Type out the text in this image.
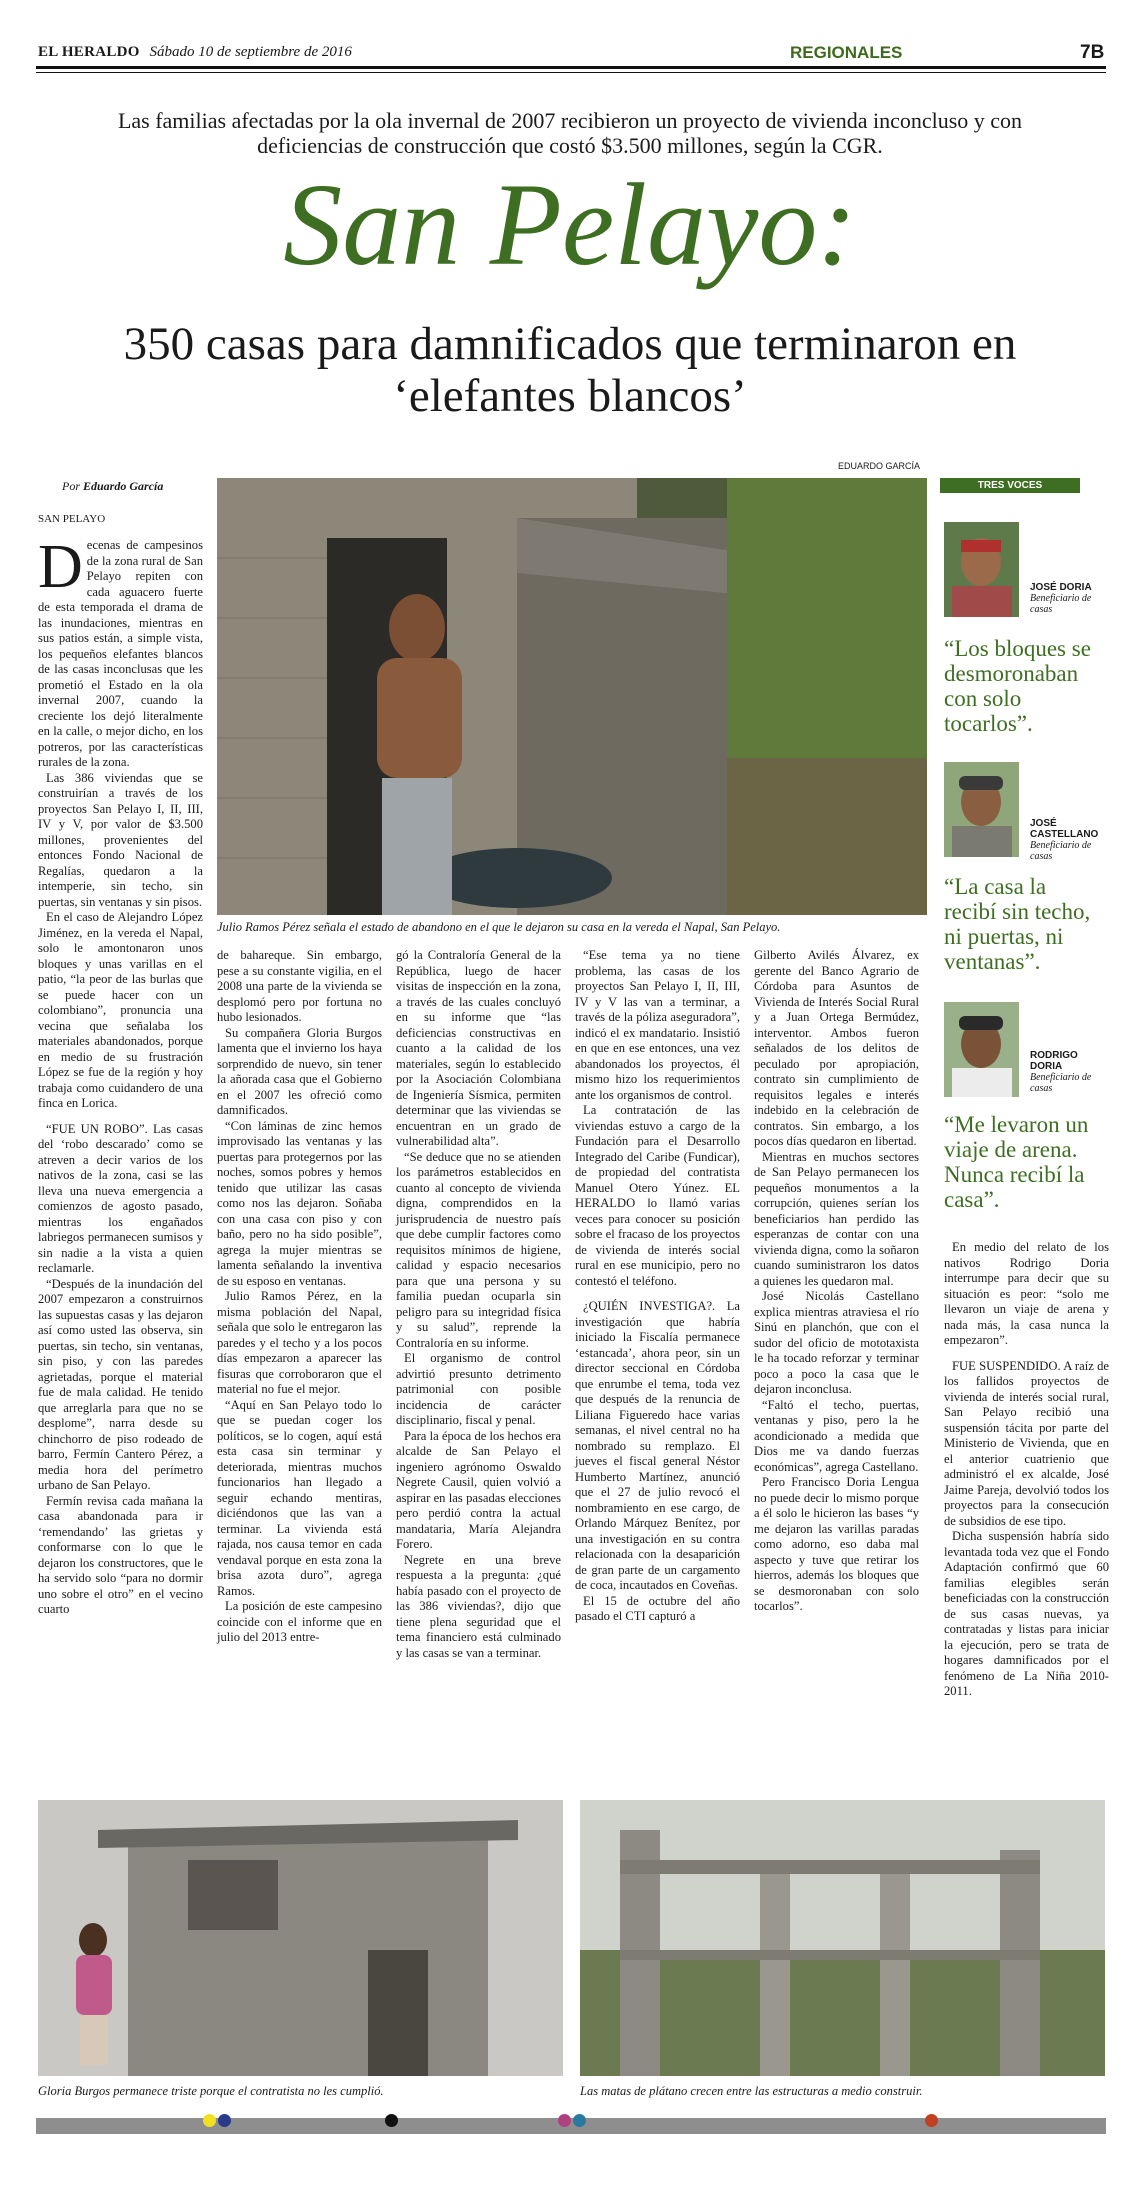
EL HERALDO Sábado 10 de septiembre de 2016	REGIONALES	7B
Las familias afectadas por la ola invernal de 2007 recibieron un proyecto de vivienda inconcluso y con deficiencias de construcción que costó $3.500 millones, según la CGR.
San Pelayo:
350 casas para damnificados que terminaron en ‘elefantes blancos’
EDUARDO GARCÍA
Por Eduardo García
SAN PELAYO
Julio Ramos Pérez señala el estado de abandono en el que le dejaron su casa en la vereda el Napal, San Pelayo.
D ecenas de campesinos de la zona rural de San Pelayo repiten con cada aguacero fuerte de esta temporada el drama de las inundaciones, mientras en sus patios están, a simple vista, los pequeños elefantes blancos de las casas inconclusas que les prometió el Estado en la ola invernal 2007, cuando la creciente los dejó literalmente en la calle, o mejor dicho, en los potreros, por las características rurales de la zona.

Las 386 viviendas que se construirían a través de los proyectos San Pelayo I, II, III, IV y V, por valor de $3.500 millones, provenientes del entonces Fondo Nacional de Regalías, quedaron a la intemperie, sin techo, sin puertas, sin ventanas y sin pisos.

En el caso de Alejandro López Jiménez, en la vereda el Napal, solo le amontonaron unos bloques y unas varillas en el patio, “la peor de las burlas que se puede hacer con un colombiano”, pronuncia una vecina que señalaba los materiales abandonados, porque en medio de su frustración López se fue de la región y hoy trabaja como cuidandero de una finca en Lorica.

“FUE UN ROBO”. Las casas del ‘robo descarado’ como se atreven a decir varios de los nativos de la zona, casi se las lleva una nueva emergencia a comienzos de agosto pasado, mientras los engañados labriegos permanecen sumisos y sin nadie a la vista a quien reclamarle.

“Después de la inundación del 2007 empezaron a construirnos las supuestas casas y las dejaron así como usted las observa, sin puertas, sin techo, sin ventanas, sin piso, y con las paredes agrietadas, porque el material fue de mala calidad. He tenido que arreglarla para que no se desplome”, narra desde su chinchorro de piso rodeado de barro, Fermín Cantero Pérez, a media hora del perímetro urbano de San Pelayo.

Fermín revisa cada mañana la casa abandonada para ir ‘remendando’ las grietas y conformarse con lo que le dejaron los constructores, que le ha servido solo “para no dormir uno sobre el otro” en el vecino cuarto

de bahareque. Sin embargo, pese a su constante vigilia, en el 2008 una parte de la vivienda se desplomó pero por fortuna no hubo lesionados.

Su compañera Gloria Burgos lamenta que el invierno los haya sorprendido de nuevo, sin tener la añorada casa que el Gobierno en el 2007 les ofreció como damnificados.

“Con láminas de zinc hemos improvisado las ventanas y las puertas para protegernos por las noches, somos pobres y hemos tenido que utilizar las casas como nos las dejaron. Soñaba con una casa con piso y con baño, pero no ha sido posible”, agrega la mujer mientras se lamenta señalando la inventiva de su esposo en ventanas.

Julio Ramos Pérez, en la misma población del Napal, señala que solo le entregaron las paredes y el techo y a los pocos días empezaron a aparecer las fisuras que corroboraron que el material no fue el mejor.

“Aquí en San Pelayo todo lo que se puedan coger los políticos, se lo cogen, aquí está esta casa sin terminar y deteriorada, mientras muchos funcionarios han llegado a seguir echando mentiras, diciéndonos que las van a terminar. La vivienda está rajada, nos causa temor en cada vendaval porque en esta zona la brisa azota duro”, agrega Ramos.

La posición de este campesino coincide con el informe que en julio del 2013 entre-

gó la Contraloría General de la República, luego de hacer visitas de inspección en la zona, a través de las cuales concluyó en su informe que “las deficiencias constructivas en cuanto a la calidad de los materiales, según lo establecido por la Asociación Colombiana de Ingeniería Sísmica, permiten determinar que las viviendas se encuentran en un grado de vulnerabilidad alta”.

“Se deduce que no se atienden los parámetros establecidos en cuanto al concepto de vivienda digna, comprendidos en la jurisprudencia de nuestro país que debe cumplir factores como requisitos mínimos de higiene, calidad y espacio necesarios para que una persona y su familia puedan ocuparla sin peligro para su integridad física y su salud”, reprende la Contraloría en su informe.

El organismo de control advirtió presunto detrimento patrimonial con posible incidencia de carácter disciplinario, fiscal y penal.

Para la época de los hechos era alcalde de San Pelayo el ingeniero agrónomo Oswaldo Negrete Causil, quien volvió a aspirar en las pasadas elecciones pero perdió contra la actual mandataria, María Alejandra Forero.

Negrete en una breve respuesta a la pregunta: ¿qué había pasado con el proyecto de las 386 viviendas?, dijo que tiene plena seguridad que el tema financiero está culminado y las casas se van a terminar.

“Ese tema ya no tiene problema, las casas de los proyectos San Pelayo I, II, III, IV y V las van a terminar, a través de la póliza aseguradora”, indicó el ex mandatario. Insistió en que en ese entonces, una vez abandonados los proyectos, él mismo hizo los requerimientos ante los organismos de control.

La contratación de las viviendas estuvo a cargo de la Fundación para el Desarrollo Integrado del Caribe (Fundicar), de propiedad del contratista Manuel Otero Yúnez. EL HERALDO lo llamó varias veces para conocer su posición sobre el fracaso de los proyectos de vivienda de interés social rural en ese municipio, pero no contestó el teléfono.

¿QUIÉN INVESTIGA?. La investigación que habría iniciado la Fiscalía permanece ‘estancada’, ahora peor, sin un director seccional en Córdoba que enrumbe el tema, toda vez que después de la renuncia de Liliana Figueredo hace varias semanas, el nivel central no ha nombrado su remplazo. El jueves el fiscal general Néstor Humberto Martínez, anunció que el 27 de julio revocó el nombramiento en ese cargo, de Orlando Márquez Benítez, por una investigación en su contra relacionada con la desaparición de gran parte de un cargamento de coca, incautados en Coveñas.

El 15 de octubre del año pasado el CTI capturó a

Gilberto Avilés Álvarez, ex gerente del Banco Agrario de Córdoba para Asuntos de Vivienda de Interés Social Rural y a Juan Ortega Bermúdez, interventor. Ambos fueron señalados de los delitos de peculado por apropiación, contrato sin cumplimiento de requisitos legales e interés indebido en la celebración de contratos. Sin embargo, a los pocos días quedaron en libertad.

Mientras en muchos sectores de San Pelayo permanecen los pequeños monumentos a la corrupción, quienes serían los beneficiarios han perdido las esperanzas de contar con una vivienda digna, como la soñaron cuando suministraron los datos a quienes les quedaron mal.

José Nicolás Castellano explica mientras atraviesa el río Sinú en planchón, que con el sudor del oficio de mototaxista le ha tocado reforzar y terminar poco a poco la casa que le dejaron inconclusa.

“Faltó el techo, puertas, ventanas y piso, pero la he acondicionado a medida que Dios me va dando fuerzas económicas”, agrega Castellano.

Pero Francisco Doria Lengua no puede decir lo mismo porque a él solo le hicieron las bases “y me dejaron las varillas paradas como adorno, eso daba mal aspecto y tuve que retirar los hierros, además los bloques que se desmoronaban con solo tocarlos”.

TRES VOCES
JOSÉ DORIA
Beneficiario de casas
“Los bloques se desmoronaban con solo tocarlos”.
JOSÉ CASTELLANO
Beneficiario de casas
“La casa la recibí sin techo, ni puertas, ni ventanas”.
RODRIGO DORIA
Beneficiario de casas
“Me levaron un viaje de arena. Nunca recibí la casa”.

En medio del relato de los nativos Rodrigo Doria interrumpe para decir que su situación es peor: “solo me llevaron un viaje de arena y nada más, la casa nunca la empezaron”.

FUE SUSPENDIDO. A raíz de los fallidos proyectos de vivienda de interés social rural, San Pelayo recibió una suspensión tácita por parte del Ministerio de Vivienda, que en el anterior cuatrienio que administró el ex alcalde, José Jaime Pareja, devolvió todos los proyectos para la consecución de subsidios de ese tipo.

Dicha suspensión habría sido levantada toda vez que el Fondo Adaptación confirmó que 60 familias elegibles serán beneficiadas con la construcción de sus casas nuevas, ya contratadas y listas para iniciar la ejecución, pero se trata de hogares damnificados por el fenómeno de La Niña 2010-2011.

Gloria Burgos permanece triste porque el contratista no les cumplió.	Las matas de plátano crecen entre las estructuras a medio construir.
